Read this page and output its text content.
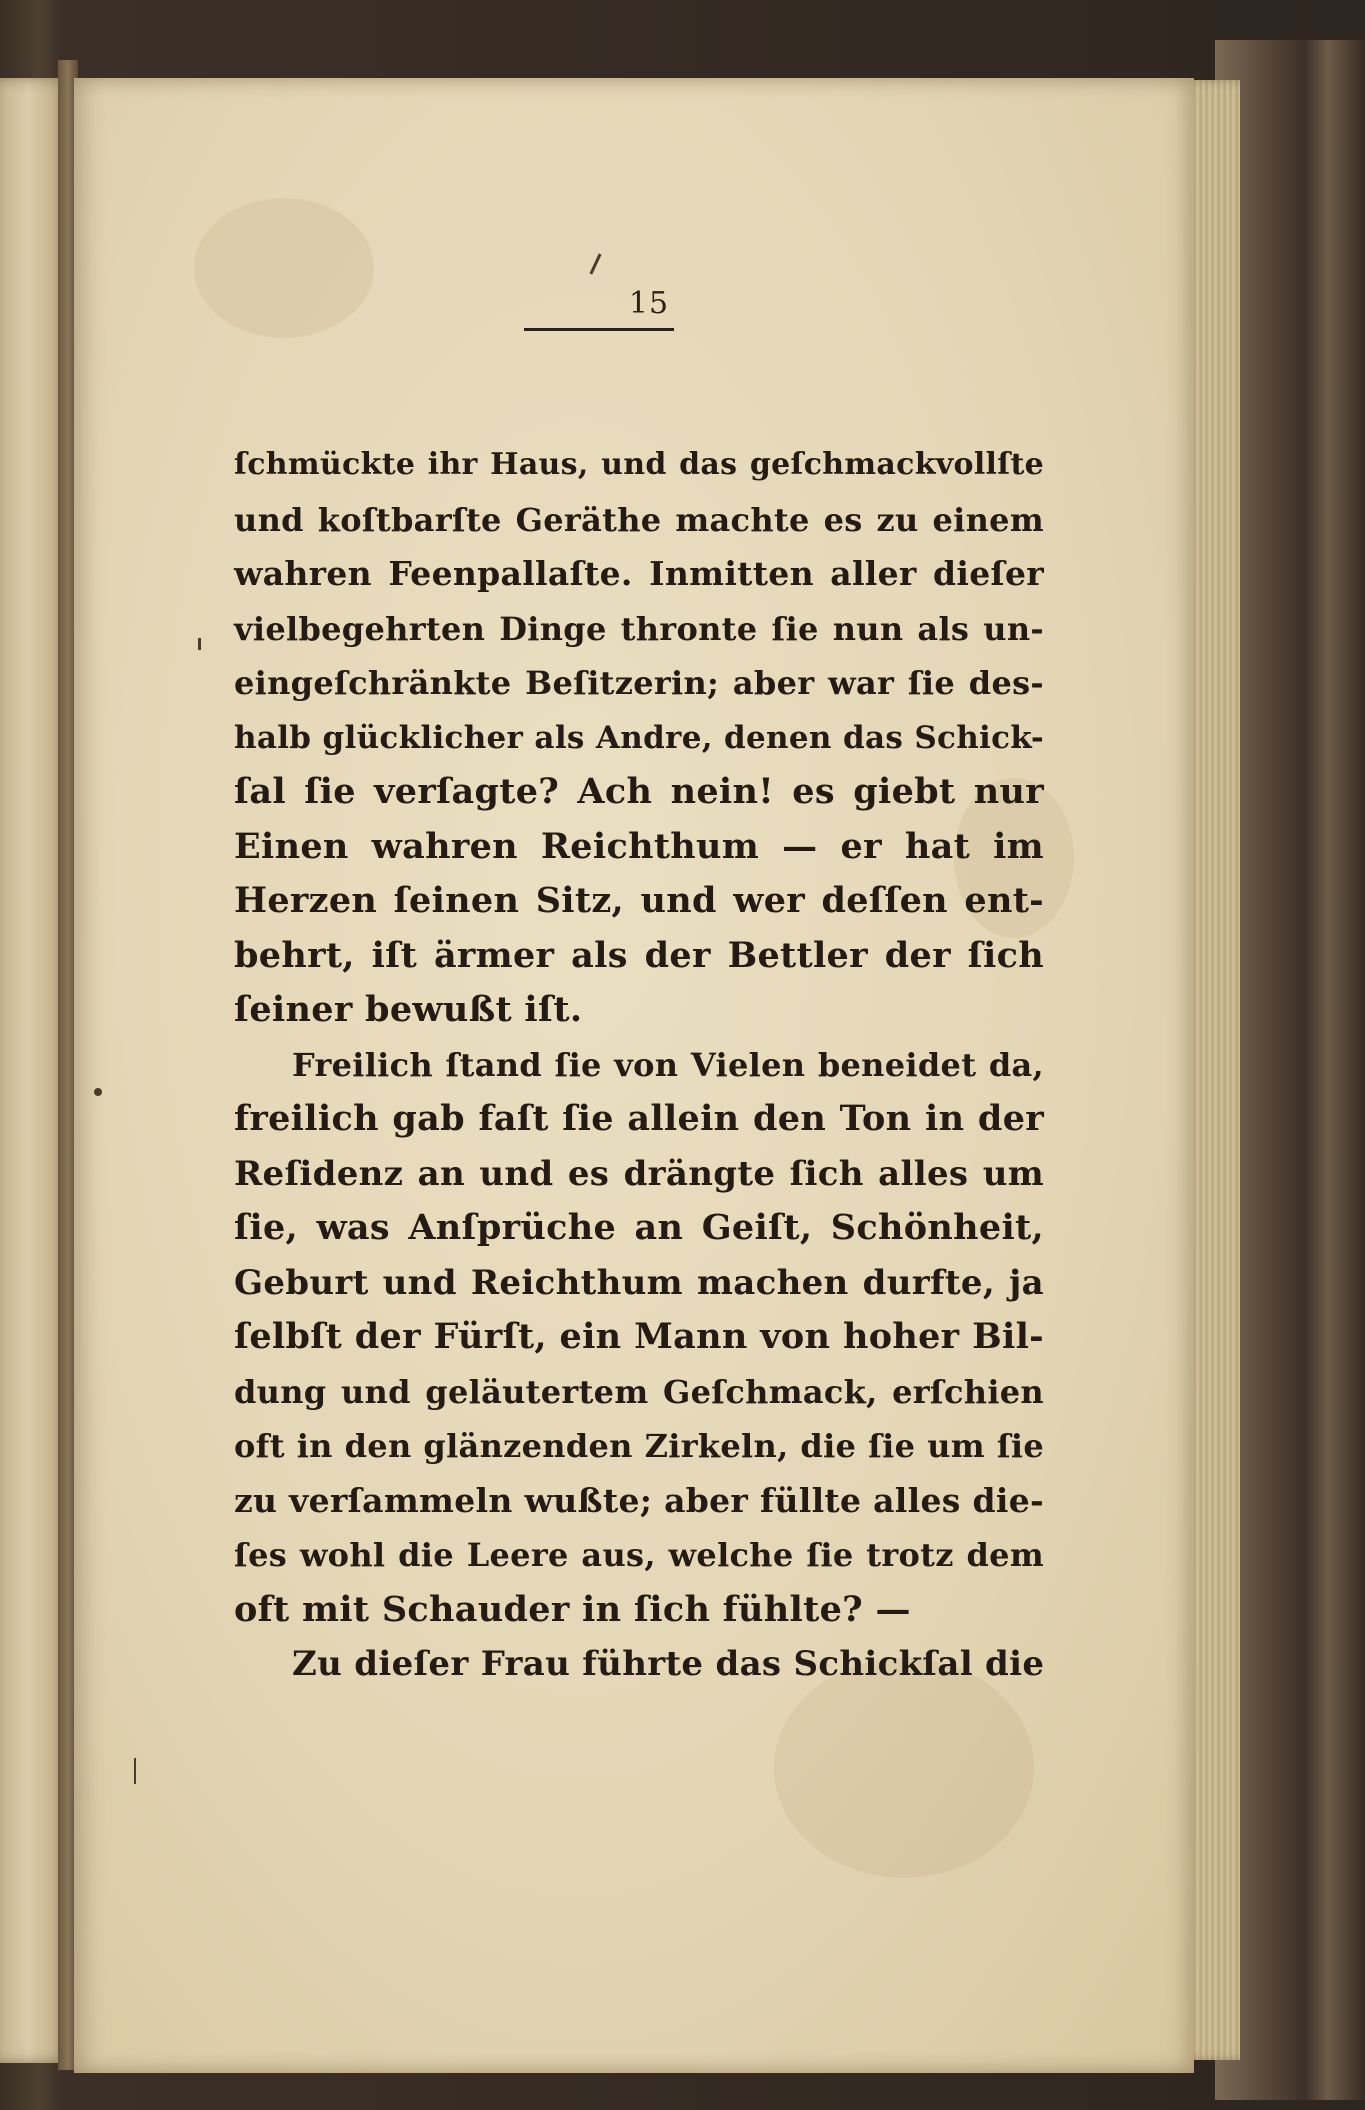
15
ſchmückte ihr Haus, und das geſchmackvollſte
und koſtbarſte Geräthe machte es zu einem
wahren Feenpallaſte. Inmitten aller dieſer
vielbegehrten Dinge thronte ſie nun als un-
eingeſchränkte Beſitzerin; aber war ſie des-
halb glücklicher als Andre, denen das Schick-
ſal ſie verſagte? Ach nein! es giebt nur
Einen wahren Reichthum — er hat im
Herzen ſeinen Sitz, und wer deſſen ent-
behrt, iſt ärmer als der Bettler der ſich
ſeiner bewußt iſt.
Freilich ſtand ſie von Vielen beneidet da,
freilich gab faſt ſie allein den Ton in der
Reſidenz an und es drängte ſich alles um
ſie, was Anſprüche an Geiſt, Schönheit,
Geburt und Reichthum machen durfte, ja
ſelbſt der Fürſt, ein Mann von hoher Bil-
dung und geläutertem Geſchmack, erſchien
oft in den glänzenden Zirkeln, die ſie um ſie
zu verſammeln wußte; aber füllte alles die-
ſes wohl die Leere aus, welche ſie trotz dem
oft mit Schauder in ſich fühlte? —
Zu dieſer Frau führte das Schickſal die
